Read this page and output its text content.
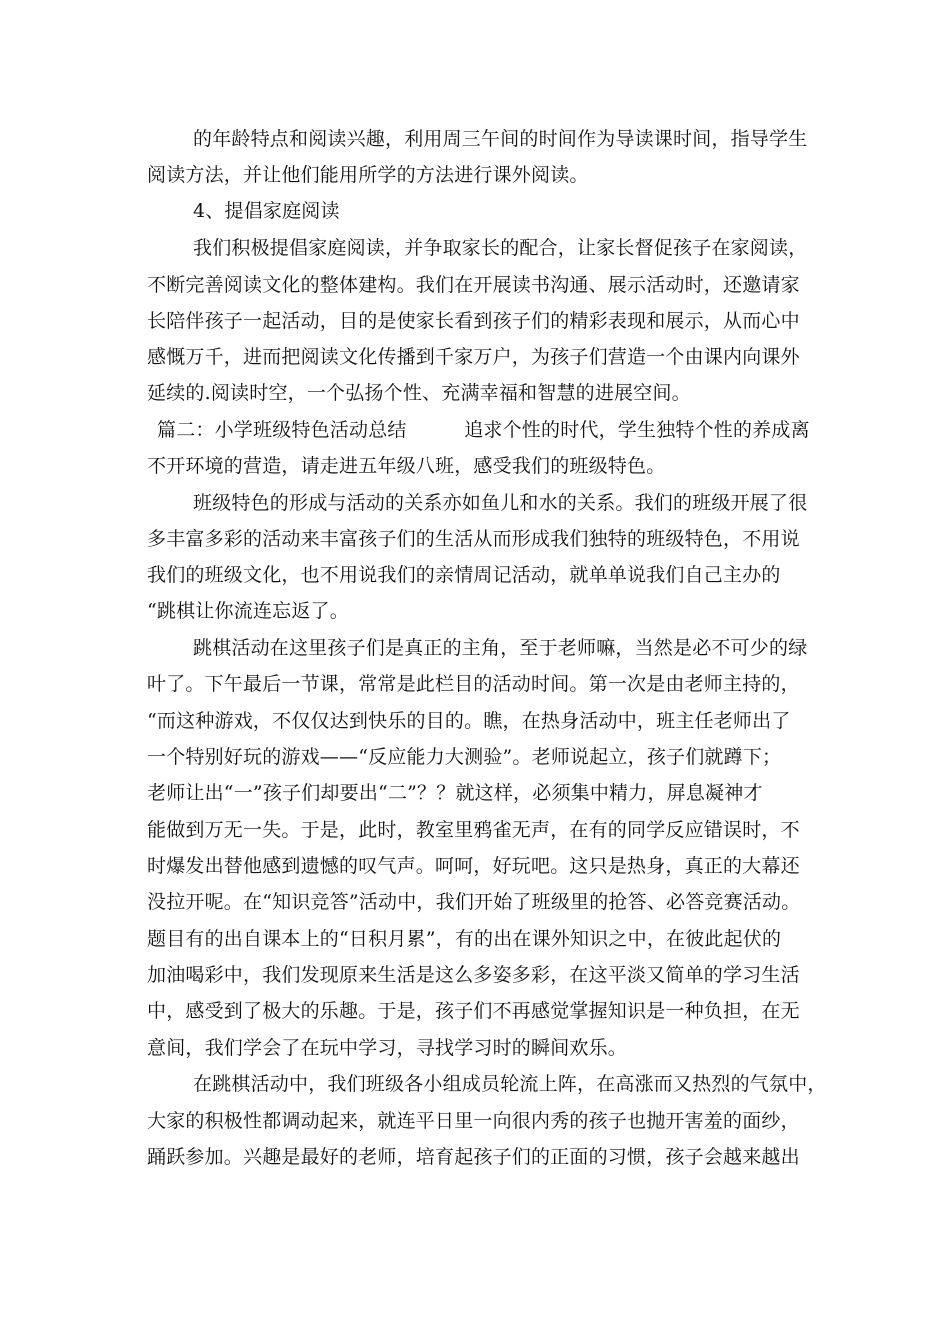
的年龄特点和阅读兴趣，利用周三午间的时间作为导读课时间，指导学生
阅读方法，并让他们能用所学的方法进行课外阅读。
4、提倡家庭阅读
我们积极提倡家庭阅读，并争取家长的配合，让家长督促孩子在家阅读，
不断完善阅读文化的整体建构。我们在开展读书沟通、展示活动时，还邀请家
长陪伴孩子一起活动，目的是使家长看到孩子们的精彩表现和展示，从而心中
感慨万千，进而把阅读文化传播到千家万户，为孩子们营造一个由课内向课外
延续的.阅读时空，一个弘扬个性、充满幸福和智慧的进展空间。
篇二：小学班级特色活动总结　　　追求个性的时代，学生独特个性的养成离
不开环境的营造，请走进五年级八班，感受我们的班级特色。
班级特色的形成与活动的关系亦如鱼儿和水的关系。我们的班级开展了很
多丰富多彩的活动来丰富孩子们的生活从而形成我们独特的班级特色，不用说
我们的班级文化，也不用说我们的亲情周记活动，就单单说我们自己主办的
“跳棋让你流连忘返了。
跳棋活动在这里孩子们是真正的主角，至于老师嘛，当然是必不可少的绿
叶了。下午最后一节课，常常是此栏目的活动时间。第一次是由老师主持的，
“而这种游戏，不仅仅达到快乐的目的。瞧，在热身活动中，班主任老师出了
一个特别好玩的游戏——“反应能力大测验”。老师说起立，孩子们就蹲下；
老师让出“一”孩子们却要出“二”？？就这样，必须集中精力，屏息凝神才
能做到万无一失。于是，此时，教室里鸦雀无声，在有的同学反应错误时，不
时爆发出替他感到遗憾的叹气声。呵呵，好玩吧。这只是热身，真正的大幕还
没拉开呢。在“知识竞答”活动中，我们开始了班级里的抢答、必答竞赛活动。
题目有的出自课本上的“日积月累”，有的出在课外知识之中，在彼此起伏的
加油喝彩中，我们发现原来生活是这么多姿多彩，在这平淡又简单的学习生活
中，感受到了极大的乐趣。于是，孩子们不再感觉掌握知识是一种负担，在无
意间，我们学会了在玩中学习，寻找学习时的瞬间欢乐。
在跳棋活动中，我们班级各小组成员轮流上阵，在高涨而又热烈的气氛中，
大家的积极性都调动起来，就连平日里一向很内秀的孩子也抛开害羞的面纱，
踊跃参加。兴趣是最好的老师，培育起孩子们的正面的习惯，孩子会越来越出
